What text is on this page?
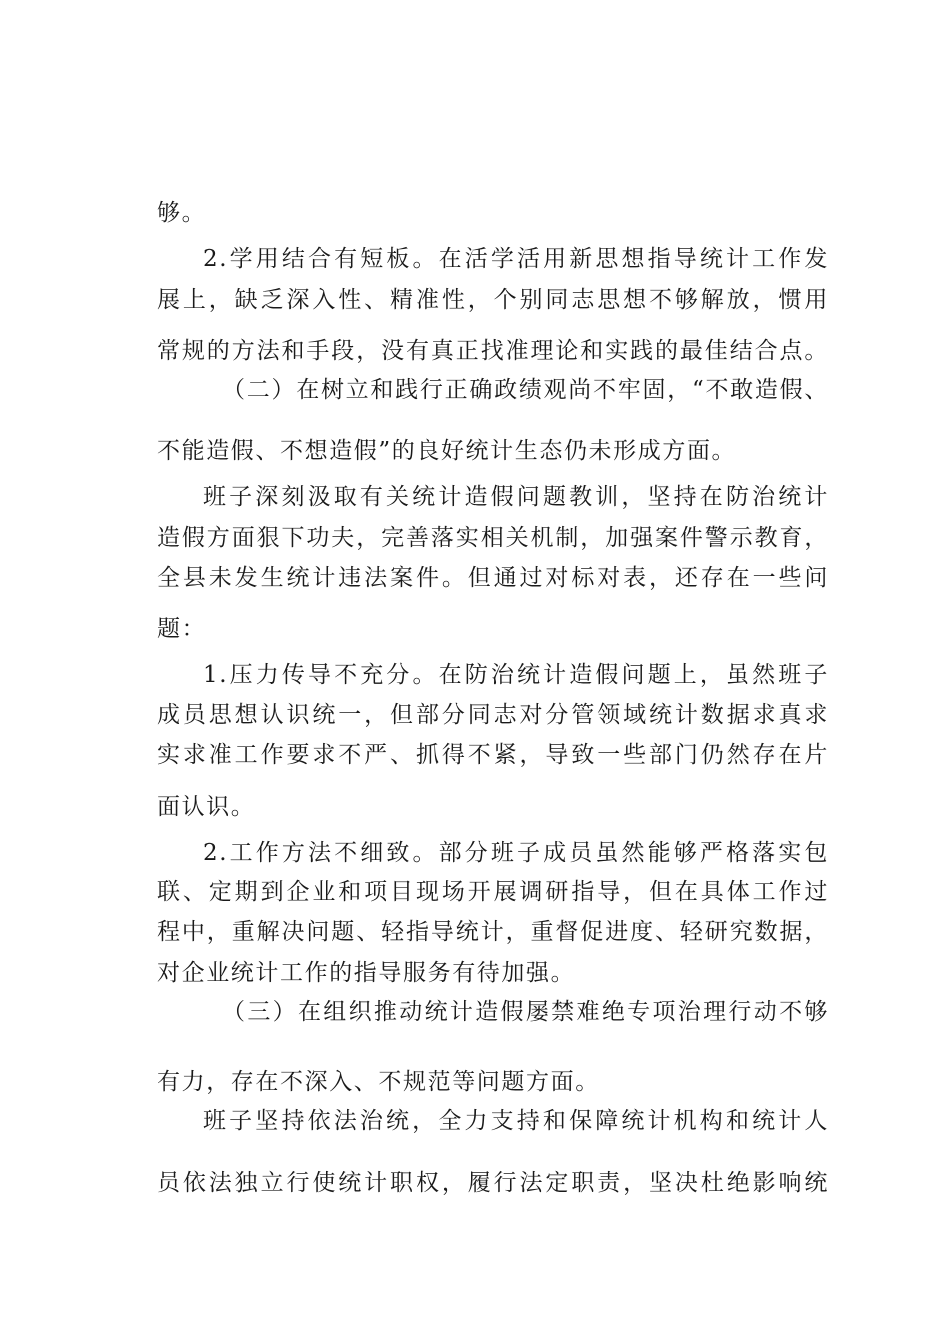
够。
2.学用结合有短板。在活学活用新思想指导统计工作发
展上，缺乏深入性、精准性，个别同志思想不够解放，惯用
常规的方法和手段，没有真正找准理论和实践的最佳结合点。
（二）在树立和践行正确政绩观尚不牢固，“不敢造假、
不能造假、不想造假”的良好统计生态仍未形成方面。
班子深刻汲取有关统计造假问题教训，坚持在防治统计
造假方面狠下功夫，完善落实相关机制，加强案件警示教育，
全县未发生统计违法案件。但通过对标对表，还存在一些问
题：
1.压力传导不充分。在防治统计造假问题上，虽然班子
成员思想认识统一，但部分同志对分管领域统计数据求真求
实求准工作要求不严、抓得不紧，导致一些部门仍然存在片
面认识。
2.工作方法不细致。部分班子成员虽然能够严格落实包
联、定期到企业和项目现场开展调研指导，但在具体工作过
程中，重解决问题、轻指导统计，重督促进度、轻研究数据，
对企业统计工作的指导服务有待加强。
（三）在组织推动统计造假屡禁难绝专项治理行动不够
有力，存在不深入、不规范等问题方面。
班子坚持依法治统，全力支持和保障统计机构和统计人
员依法独立行使统计职权，履行法定职责，坚决杜绝影响统
